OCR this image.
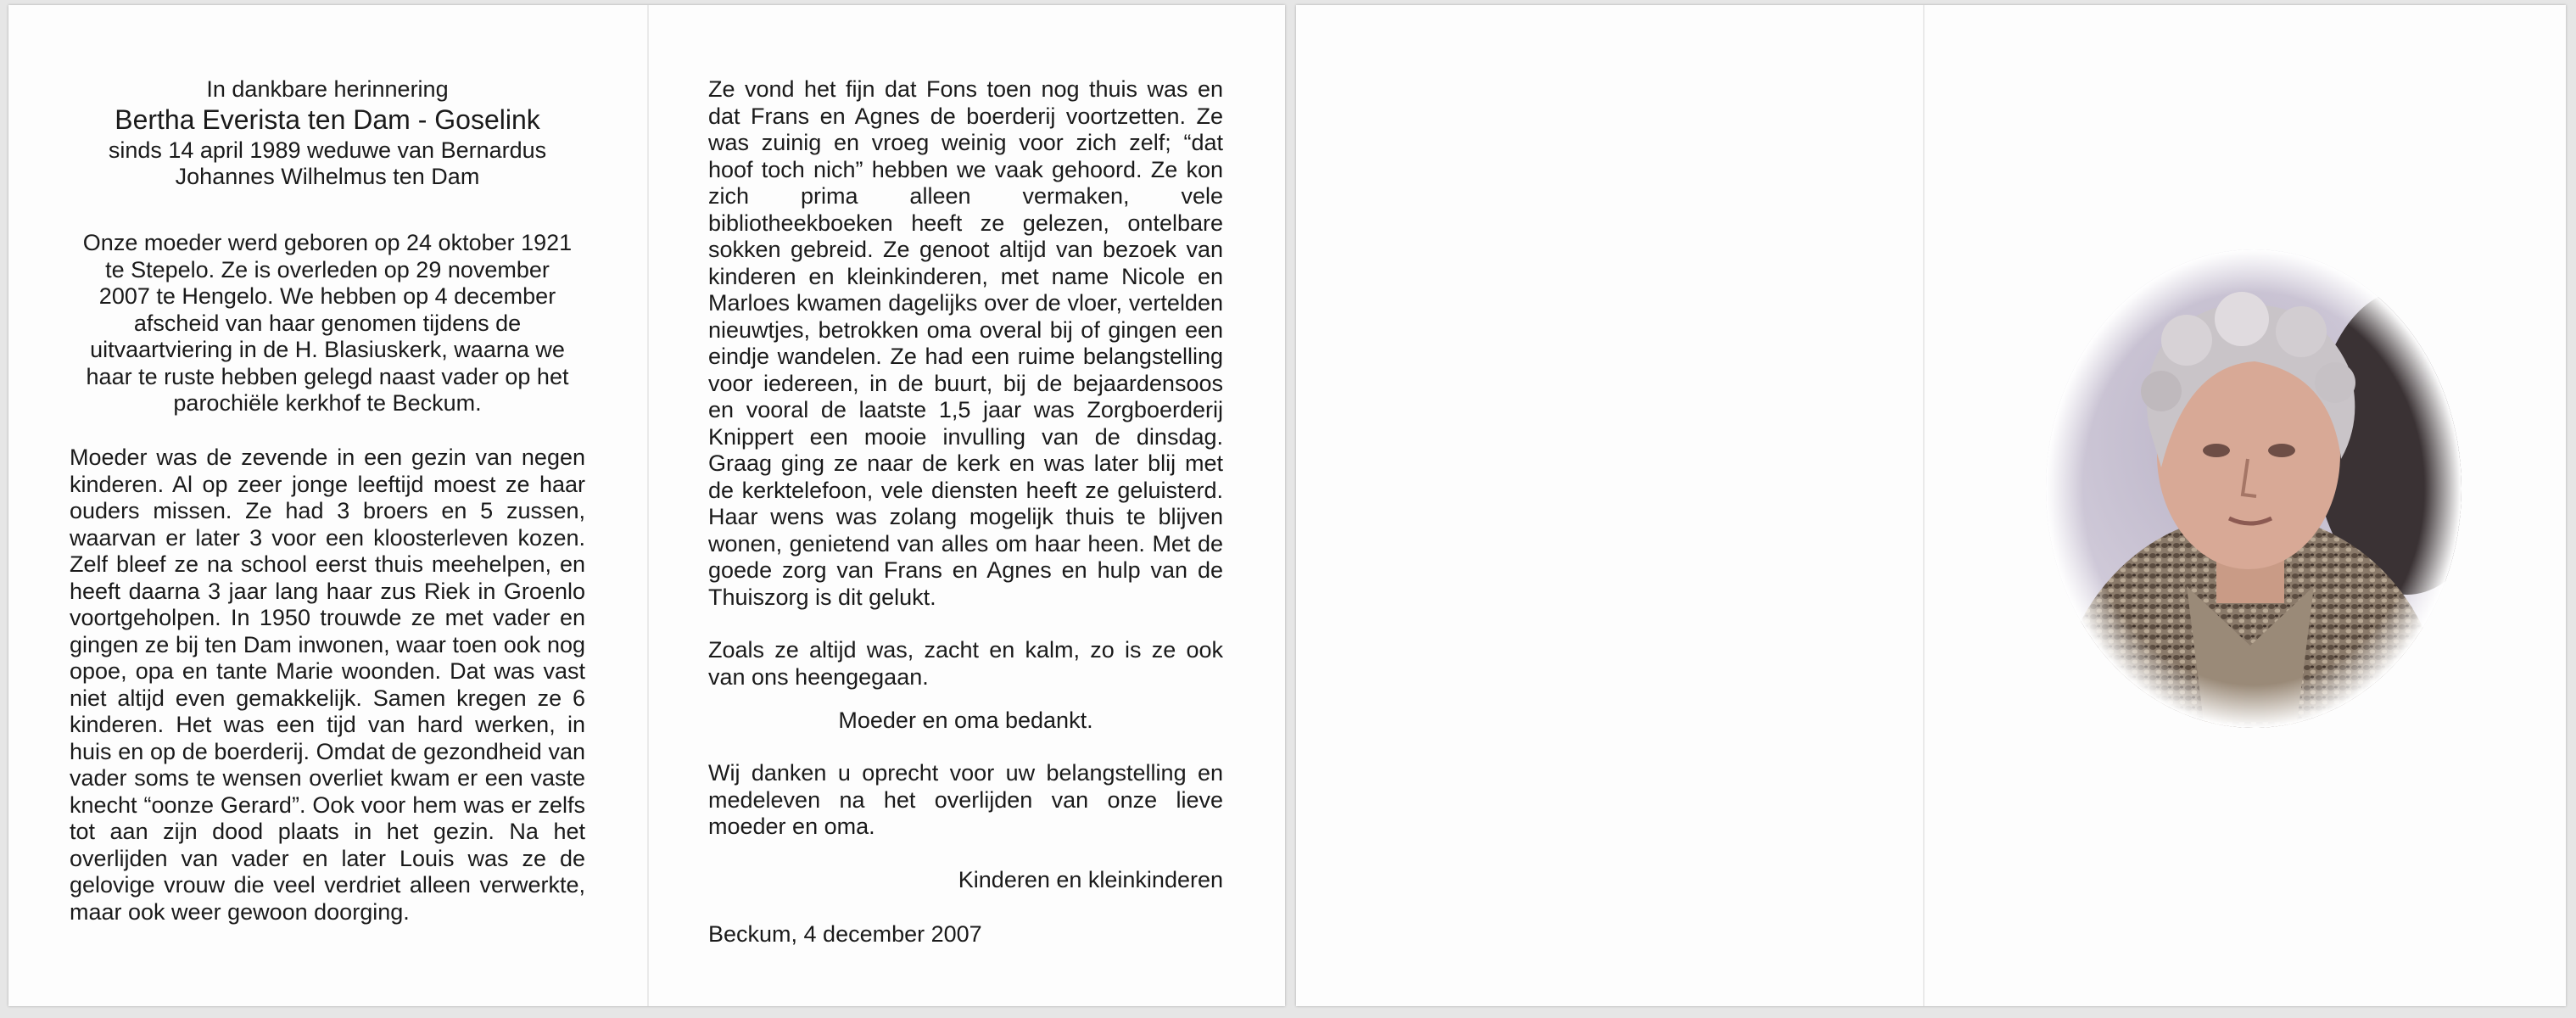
In dankbare herinnering

Bertha Everista ten Dam - Goselink

sinds 14 april 1989 weduwe van Bernardus

Johannes Wilhelmus ten Dam

Onze moeder werd geboren op 24 oktober 1921 te Stepelo. Ze is overleden op 29 november 2007 te Hengelo. We hebben op 4 december afscheid van haar genomen tijdens de uitvaartviering in de H. Blasiuskerk, waarna we haar te ruste hebben gelegd naast vader op het parochiële kerkhof te Beckum.

Moeder was de zevende in een gezin van negen kinderen. Al op zeer jonge leeftijd moest ze haar ouders missen. Ze had 3 broers en 5 zussen, waarvan er later 3 voor een kloosterleven kozen. Zelf bleef ze na school eerst thuis meehelpen, en heeft daarna 3 jaar lang haar zus Riek in Groenlo voortgeholpen. In 1950 trouwde ze met vader en gingen ze bij ten Dam inwonen, waar toen ook nog opoe, opa en tante Marie woonden. Dat was vast niet altijd even gemakkelijk. Samen kregen ze 6 kinderen. Het was een tijd van hard werken, in huis en op de boerderij. Omdat de gezondheid van vader soms te wensen overliet kwam er een vaste knecht “oonze Gerard”. Ook voor hem was er zelfs tot aan zijn dood plaats in het gezin. Na het overlijden van vader en later Louis was ze de gelovige vrouw die veel verdriet alleen verwerkte, maar ook weer gewoon doorging.

Ze vond het fijn dat Fons toen nog thuis was en dat Frans en Agnes de boerderij voortzetten. Ze was zuinig en vroeg weinig voor zich zelf; “dat hoof toch nich” hebben we vaak gehoord. Ze kon zich prima alleen vermaken, vele bibliotheekboeken heeft ze gelezen, ontelbare sokken gebreid. Ze genoot altijd van bezoek van kinderen en kleinkinderen, met name Nicole en Marloes kwamen dagelijks over de vloer, vertelden nieuwtjes, betrokken oma overal bij of gingen een eindje wandelen. Ze had een ruime belangstelling voor iedereen, in de buurt, bij de bejaardensoos en vooral de laatste 1,5 jaar was Zorgboerderij Knippert een mooie invulling van de dinsdag. Graag ging ze naar de kerk en was later blij met de kerktelefoon, vele diensten heeft ze geluisterd. Haar wens was zolang mogelijk thuis te blijven wonen, genietend van alles om haar heen. Met de goede zorg van Frans en Agnes en hulp van de Thuiszorg is dit gelukt.

Zoals ze altijd was, zacht en kalm, zo is ze ook van ons heengegaan.

Moeder en oma bedankt.

Wij danken u oprecht voor uw belangstelling en medeleven na het overlijden van onze lieve moeder en oma.

Kinderen en kleinkinderen

Beckum, 4 december 2007
